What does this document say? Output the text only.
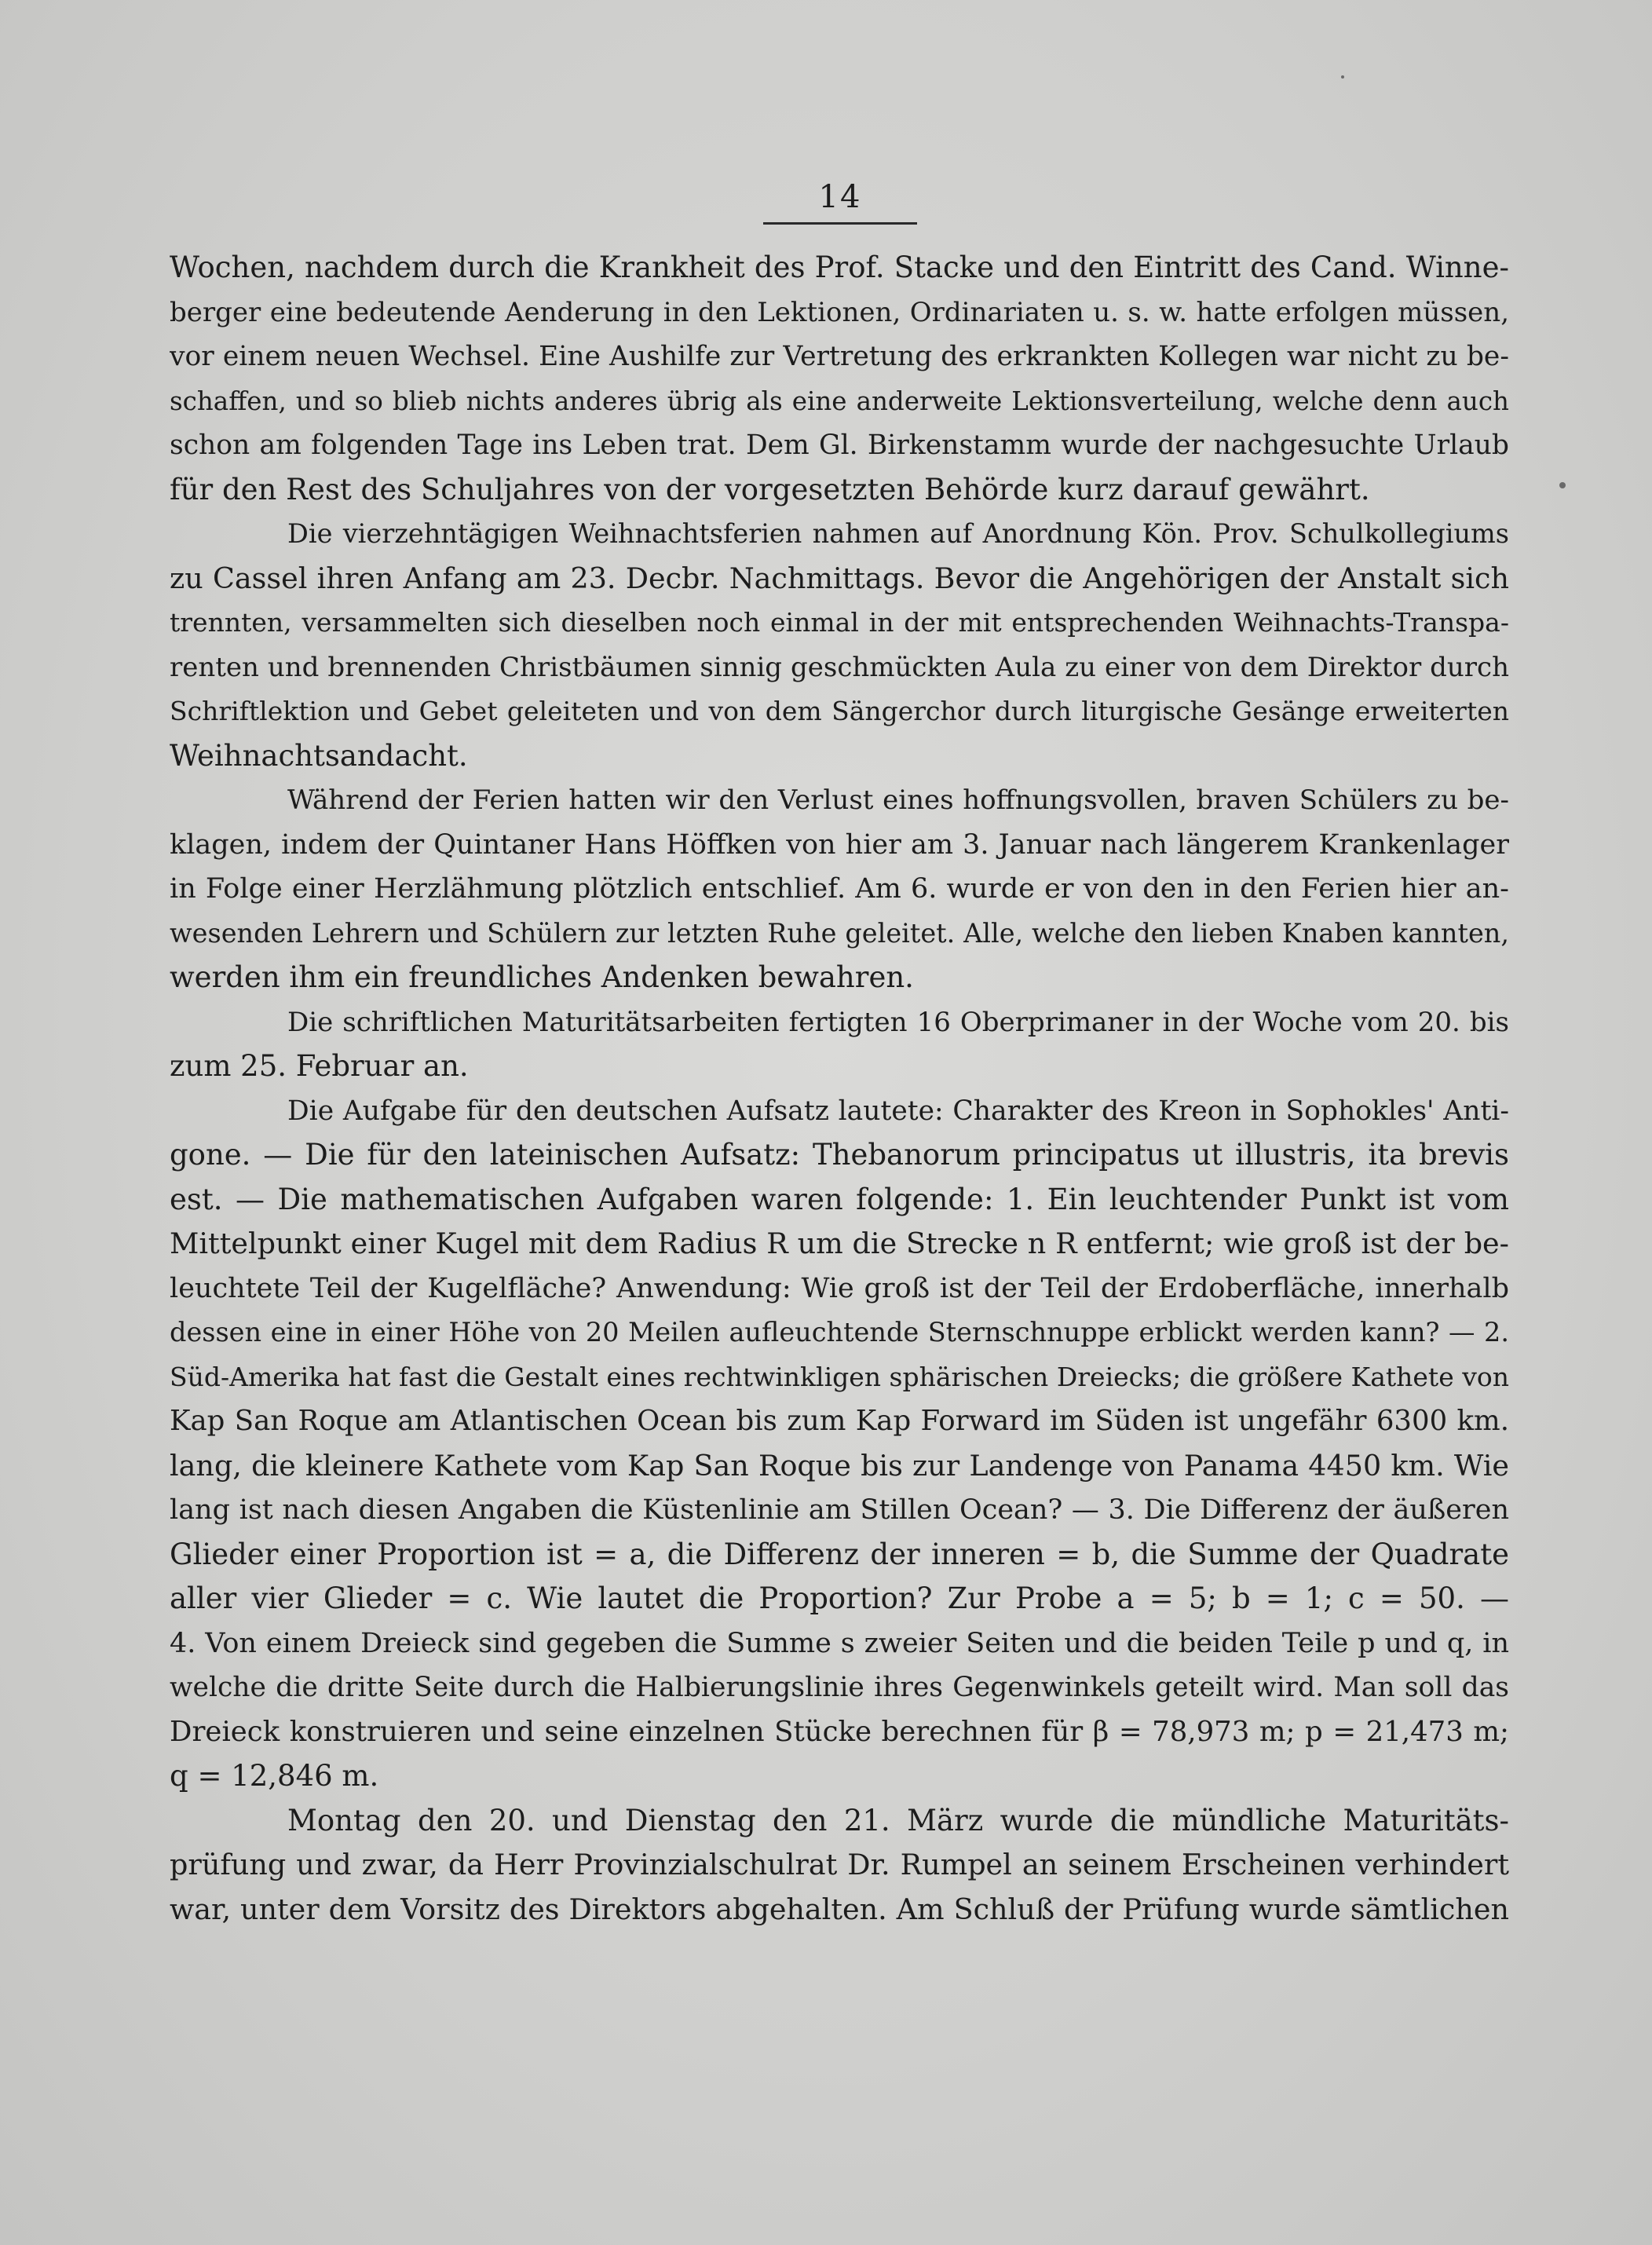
14
Wochen, nachdem durch die Krankheit des Prof. Stacke und den Eintritt des Cand. Winne-
berger eine bedeutende Aenderung in den Lektionen, Ordinariaten u. s. w. hatte erfolgen müssen,
vor einem neuen Wechsel. Eine Aushilfe zur Vertretung des erkrankten Kollegen war nicht zu be-
schaffen, und so blieb nichts anderes übrig als eine anderweite Lektionsverteilung, welche denn auch
schon am folgenden Tage ins Leben trat. Dem Gl. Birkenstamm wurde der nachgesuchte Urlaub
für den Rest des Schuljahres von der vorgesetzten Behörde kurz darauf gewährt.
Die vierzehntägigen Weihnachtsferien nahmen auf Anordnung Kön. Prov. Schulkollegiums
zu Cassel ihren Anfang am 23. Decbr. Nachmittags. Bevor die Angehörigen der Anstalt sich
trennten, versammelten sich dieselben noch einmal in der mit entsprechenden Weihnachts-Transpa-
renten und brennenden Christbäumen sinnig geschmückten Aula zu einer von dem Direktor durch
Schriftlektion und Gebet geleiteten und von dem Sängerchor durch liturgische Gesänge erweiterten
Weihnachtsandacht.
Während der Ferien hatten wir den Verlust eines hoffnungsvollen, braven Schülers zu be-
klagen, indem der Quintaner Hans Höffken von hier am 3. Januar nach längerem Krankenlager
in Folge einer Herzlähmung plötzlich entschlief. Am 6. wurde er von den in den Ferien hier an-
wesenden Lehrern und Schülern zur letzten Ruhe geleitet. Alle, welche den lieben Knaben kannten,
werden ihm ein freundliches Andenken bewahren.
Die schriftlichen Maturitätsarbeiten fertigten 16 Oberprimaner in der Woche vom 20. bis
zum 25. Februar an.
Die Aufgabe für den deutschen Aufsatz lautete: Charakter des Kreon in Sophokles' Anti-
gone. — Die für den lateinischen Aufsatz: Thebanorum principatus ut illustris, ita brevis
est. — Die mathematischen Aufgaben waren folgende: 1. Ein leuchtender Punkt ist vom
Mittelpunkt einer Kugel mit dem Radius R um die Strecke n R entfernt; wie groß ist der be-
leuchtete Teil der Kugelfläche? Anwendung: Wie groß ist der Teil der Erdoberfläche, innerhalb
dessen eine in einer Höhe von 20 Meilen aufleuchtende Sternschnuppe erblickt werden kann? — 2.
Süd-Amerika hat fast die Gestalt eines rechtwinkligen sphärischen Dreiecks; die größere Kathete von
Kap San Roque am Atlantischen Ocean bis zum Kap Forward im Süden ist ungefähr 6300 km.
lang, die kleinere Kathete vom Kap San Roque bis zur Landenge von Panama 4450 km. Wie
lang ist nach diesen Angaben die Küstenlinie am Stillen Ocean? — 3. Die Differenz der äußeren
Glieder einer Proportion ist = a, die Differenz der inneren = b, die Summe der Quadrate
aller vier Glieder = c. Wie lautet die Proportion? Zur Probe a = 5; b = 1; c = 50. —
4. Von einem Dreieck sind gegeben die Summe s zweier Seiten und die beiden Teile p und q, in
welche die dritte Seite durch die Halbierungslinie ihres Gegenwinkels geteilt wird. Man soll das
Dreieck konstruieren und seine einzelnen Stücke berechnen für β = 78,973 m; p = 21,473 m;
q = 12,846 m.
Montag den 20. und Dienstag den 21. März wurde die mündliche Maturitäts-
prüfung und zwar, da Herr Provinzialschulrat Dr. Rumpel an seinem Erscheinen verhindert
war, unter dem Vorsitz des Direktors abgehalten. Am Schluß der Prüfung wurde sämtlichen
